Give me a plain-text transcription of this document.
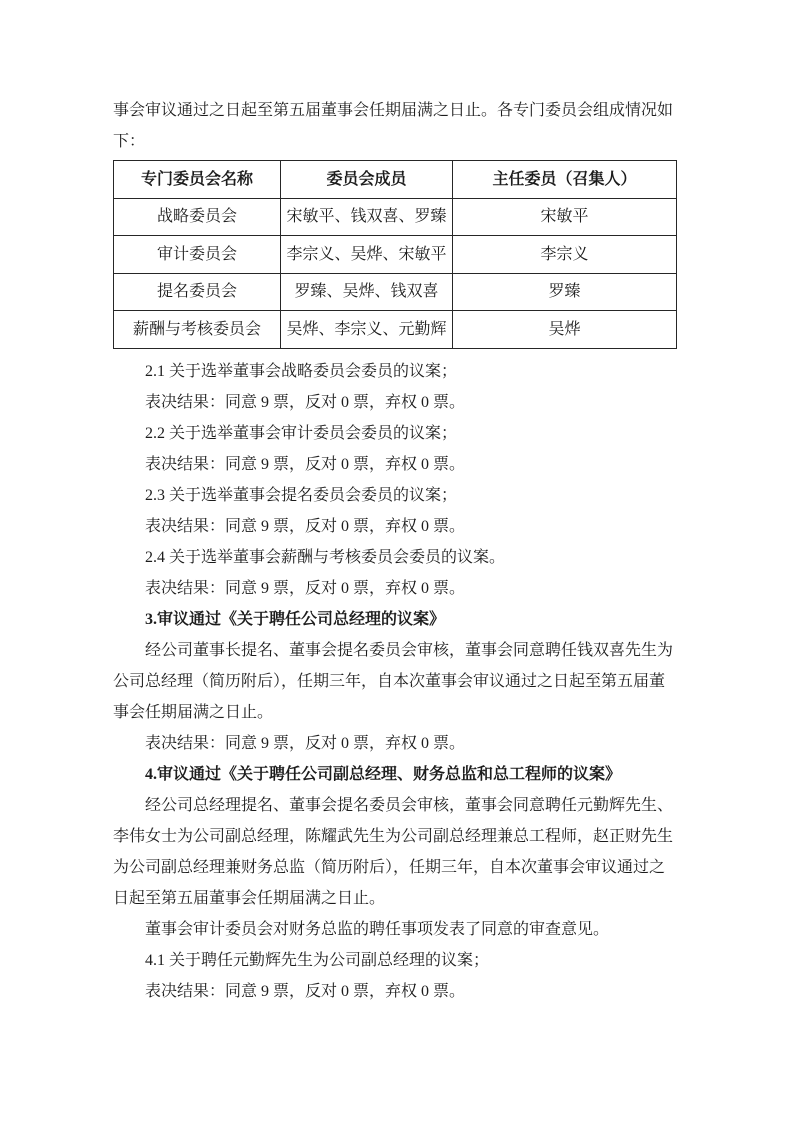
事会审议通过之日起至第五届董事会任期届满之日止。各专门委员会组成情况如
下：
专门委员会名称	委员会成员	主任委员（召集人）
战略委员会	宋敏平、钱双喜、罗臻	宋敏平
审计委员会	李宗义、吴烨、宋敏平	李宗义
提名委员会	罗臻、吴烨、钱双喜	罗臻
薪酬与考核委员会	吴烨、李宗义、元勤辉	吴烨
2.1 关于选举董事会战略委员会委员的议案；
表决结果：同意 9 票，反对 0 票，弃权 0 票。
2.2 关于选举董事会审计委员会委员的议案；
表决结果：同意 9 票，反对 0 票，弃权 0 票。
2.3 关于选举董事会提名委员会委员的议案；
表决结果：同意 9 票，反对 0 票，弃权 0 票。
2.4 关于选举董事会薪酬与考核委员会委员的议案。
表决结果：同意 9 票，反对 0 票，弃权 0 票。
3.审议通过《关于聘任公司总经理的议案》
经公司董事长提名、董事会提名委员会审核，董事会同意聘任钱双喜先生为
公司总经理（简历附后），任期三年，自本次董事会审议通过之日起至第五届董
事会任期届满之日止。
表决结果：同意 9 票，反对 0 票，弃权 0 票。
4.审议通过《关于聘任公司副总经理、财务总监和总工程师的议案》
经公司总经理提名、董事会提名委员会审核，董事会同意聘任元勤辉先生、
李伟女士为公司副总经理，陈耀武先生为公司副总经理兼总工程师，赵正财先生
为公司副总经理兼财务总监（简历附后），任期三年，自本次董事会审议通过之
日起至第五届董事会任期届满之日止。
董事会审计委员会对财务总监的聘任事项发表了同意的审查意见。
4.1 关于聘任元勤辉先生为公司副总经理的议案；
表决结果：同意 9 票，反对 0 票，弃权 0 票。
